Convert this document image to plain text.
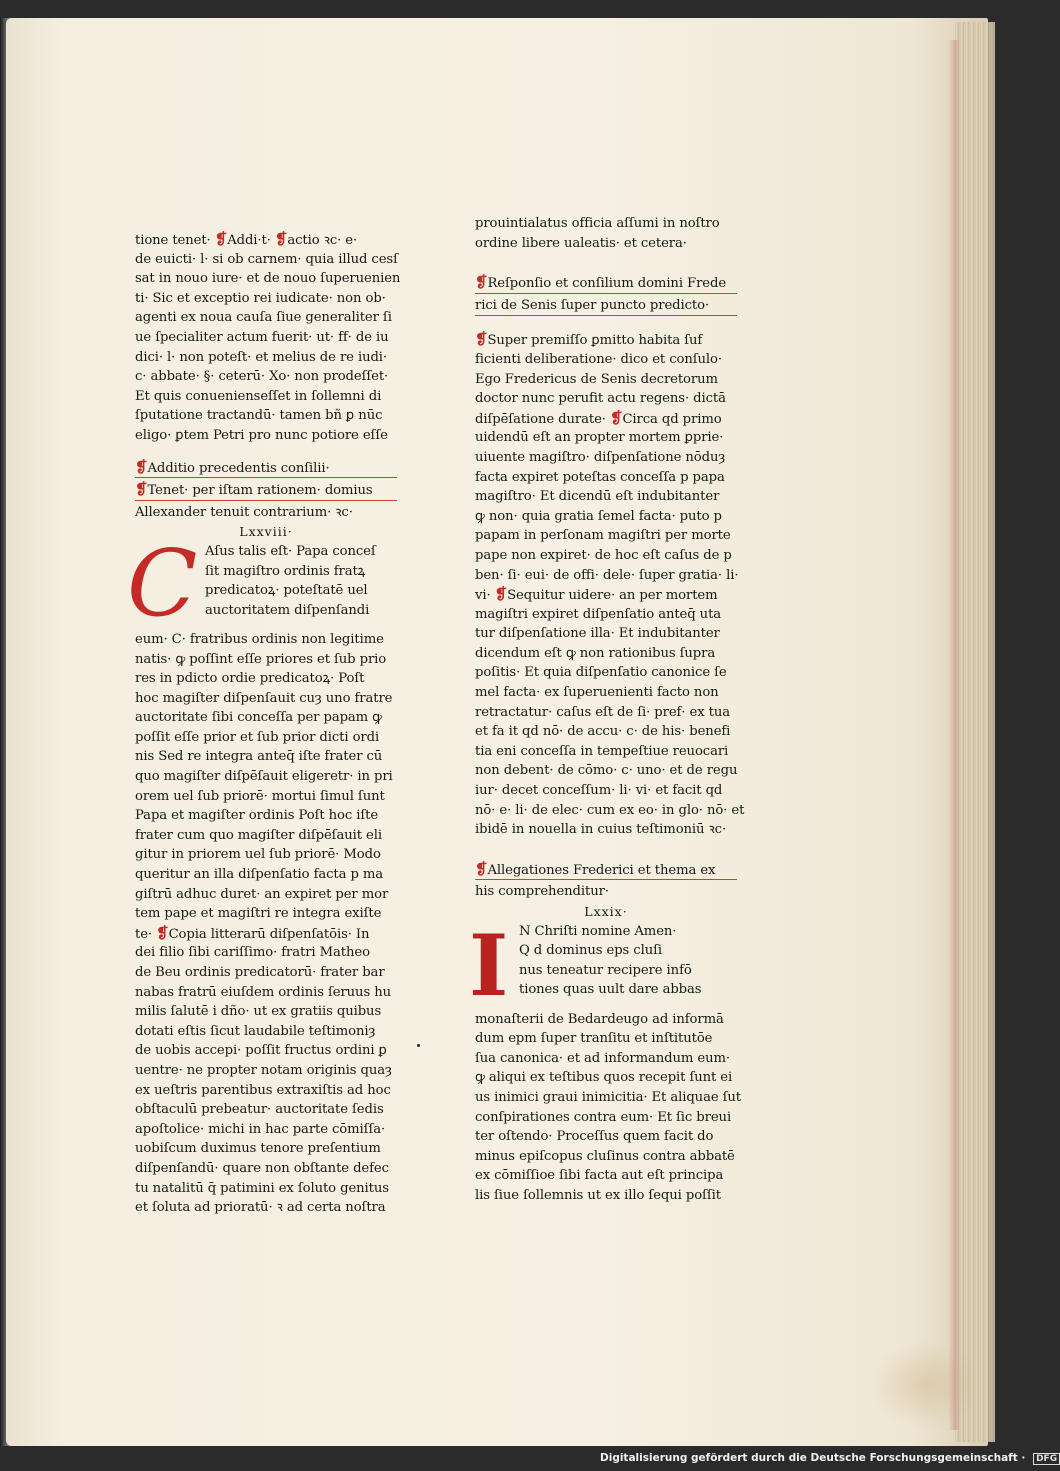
tione tenet· ❡Addi·t· ❡actio ꝛc· e·
de euicti· l· si ob carnem· quia illud cesſ
sat in nouo iure· et de nouo ſuperuenien
ti· Sic et exceptio rei iudicate· non ob·
agenti ex noua cauſa ſiue generaliter ſi
ue ſpecialiter actum fuerit· ut· ff· de iu
dici· l· non poteſt· et melius de re iudi·
c· abbate· §· ceterū· Xo· non prodeſſet·
Et quis conuenienseſſet in ſollemni di
ſputatione tractandū· tamen bñ ꝑ nūc
eligo· ꝑtem Petri pro nunc potiore eſſe
❡Additio precedentis conſilii·
❡Tenet· per iſtam rationem· domius
Allexander tenuit contrarium· ꝛc·
Lxxviii·
C Aſus talis eſt· Papa conceſ
ſit magiſtro ordinis fratꝝ
predicatoꝝ· poteſtatē uel
auctoritatem diſpenſandi
eum· C· fratribus ordinis non legitime
natis· ꝙ poſſint eſſe priores et ſub prio
res in pdicto ordie predicatoꝝ· Poſt
hoc magiſter diſpenſauit cuȝ uno fratre
auctoritate ſibi conceſſa per papam ꝙ
poſſit eſſe prior et ſub prior dicti ordi
nis Sed re integra anteq̄ iſte frater cū
quo magiſter diſpēſauit eligeretr· in pri
orem uel ſub priorē· mortui ſimul ſunt
Papa et magiſter ordinis Poſt hoc iſte
frater cum quo magiſter diſpēſauit eli
gitur in priorem uel ſub priorē· Modo
queritur an illa diſpenſatio facta p ma
giſtrū adhuc duret· an expiret per mor
tem pape et magiſtri re integra exiſte
te· ❡Copia litterarū diſpenſatōis· In
dei filio ſibi cariſſimo· fratri Matheo
de Beu ordinis predicatorū· frater bar
nabas fratrū eiuſdem ordinis ſeruus hu
milis ſalutē i dño· ut ex gratiis quibus
dotati eſtis ſicut laudabile teſtimoniȝ
de uobis accepi· poſſit fructus ordini ꝑ
uentre· ne propter notam originis quaȝ
ex ueſtris parentibus extraxiſtis ad hoc
obſtaculū prebeatur· auctoritate ſedis
apoſtolice· michi in hac parte cōmiſſa·
uobiſcum duximus tenore preſentium
diſpenſandū· quare non obſtante defec
tu natalitū q̄ patimini ex ſoluto genitus
et ſoluta ad prioratū· ꝛ ad certa noſtra
prouintialatus officia aſſumi in noſtro
ordine libere ualeatis· et cetera·
❡Reſponſio et conſilium domini Frede
rici de Senis ſuper puncto predicto·
❡Super premiſſo ꝑmitto habita ſuf
ficienti deliberatione· dico et conſulo·
Ego Fredericus de Senis decretorum
doctor nunc perufit actu regens· dictā
diſpēſatione durate· ❡Circa qd primo
uidendū eſt an propter mortem ꝑprie·
uiuente magiſtro· diſpenſatione nōduȝ
facta expiret poteſtas conceſſa p papa
magiſtro· Et dicendū eſt indubitanter
ꝙ non· quia gratia ſemel facta· puto p
papam in perſonam magiſtri per morte
pape non expiret· de hoc eſt caſus de p
ben· ſi· eui· de offi· dele· ſuper gratia· li·
vi· ❡Sequitur uidere· an per mortem
magiſtri expiret diſpenſatio anteq̄ uta
tur diſpenſatione illa· Et indubitanter
dicendum eſt ꝙ non rationibus ſupra
poſitis· Et quia diſpenſatio canonice ſe
mel facta· ex ſuperuenienti facto non
retractatur· caſus eſt de ſi· pref· ex tua
et fa it qd nō· de accu· c· de his· benefi
tia eni conceſſa in tempeſtiue reuocari
non debent· de cōmo· c· uno· et de regu
iur· decet conceſſum· li· vi· et facit qd
nō· e· li· de elec· cum ex eo· in glo· nō· et
ibidē in nouella in cuius teſtimoniū ꝛc·
❡Allegationes Frederici et thema ex
his comprehenditur·
Lxxix·
I N Chriſti nomine Amen·
Q d dominus eps cluſi
nus teneatur recipere infō
tiones quas uult dare abbas
monaſterii de Bedardeugo ad informā
dum epm ſuper tranſitu et inſtitutōe
ſua canonica· et ad informandum eum·
ꝙ aliqui ex teſtibus quos recepit ſunt ei
us inimici graui inimicitia· Et aliquae ſut
conſpirationes contra eum· Et ſic breui
ter oſtendo· Proceſſus quem facit do
minus epiſcopus cluſinus contra abbatē
ex cōmiſſioe ſibi facta aut eſt principa
lis ſiue ſollemnis ut ex illo ſequi poſſit
Digitalisierung gefördert durch die Deutsche Forschungsgemeinschaft · DFG
